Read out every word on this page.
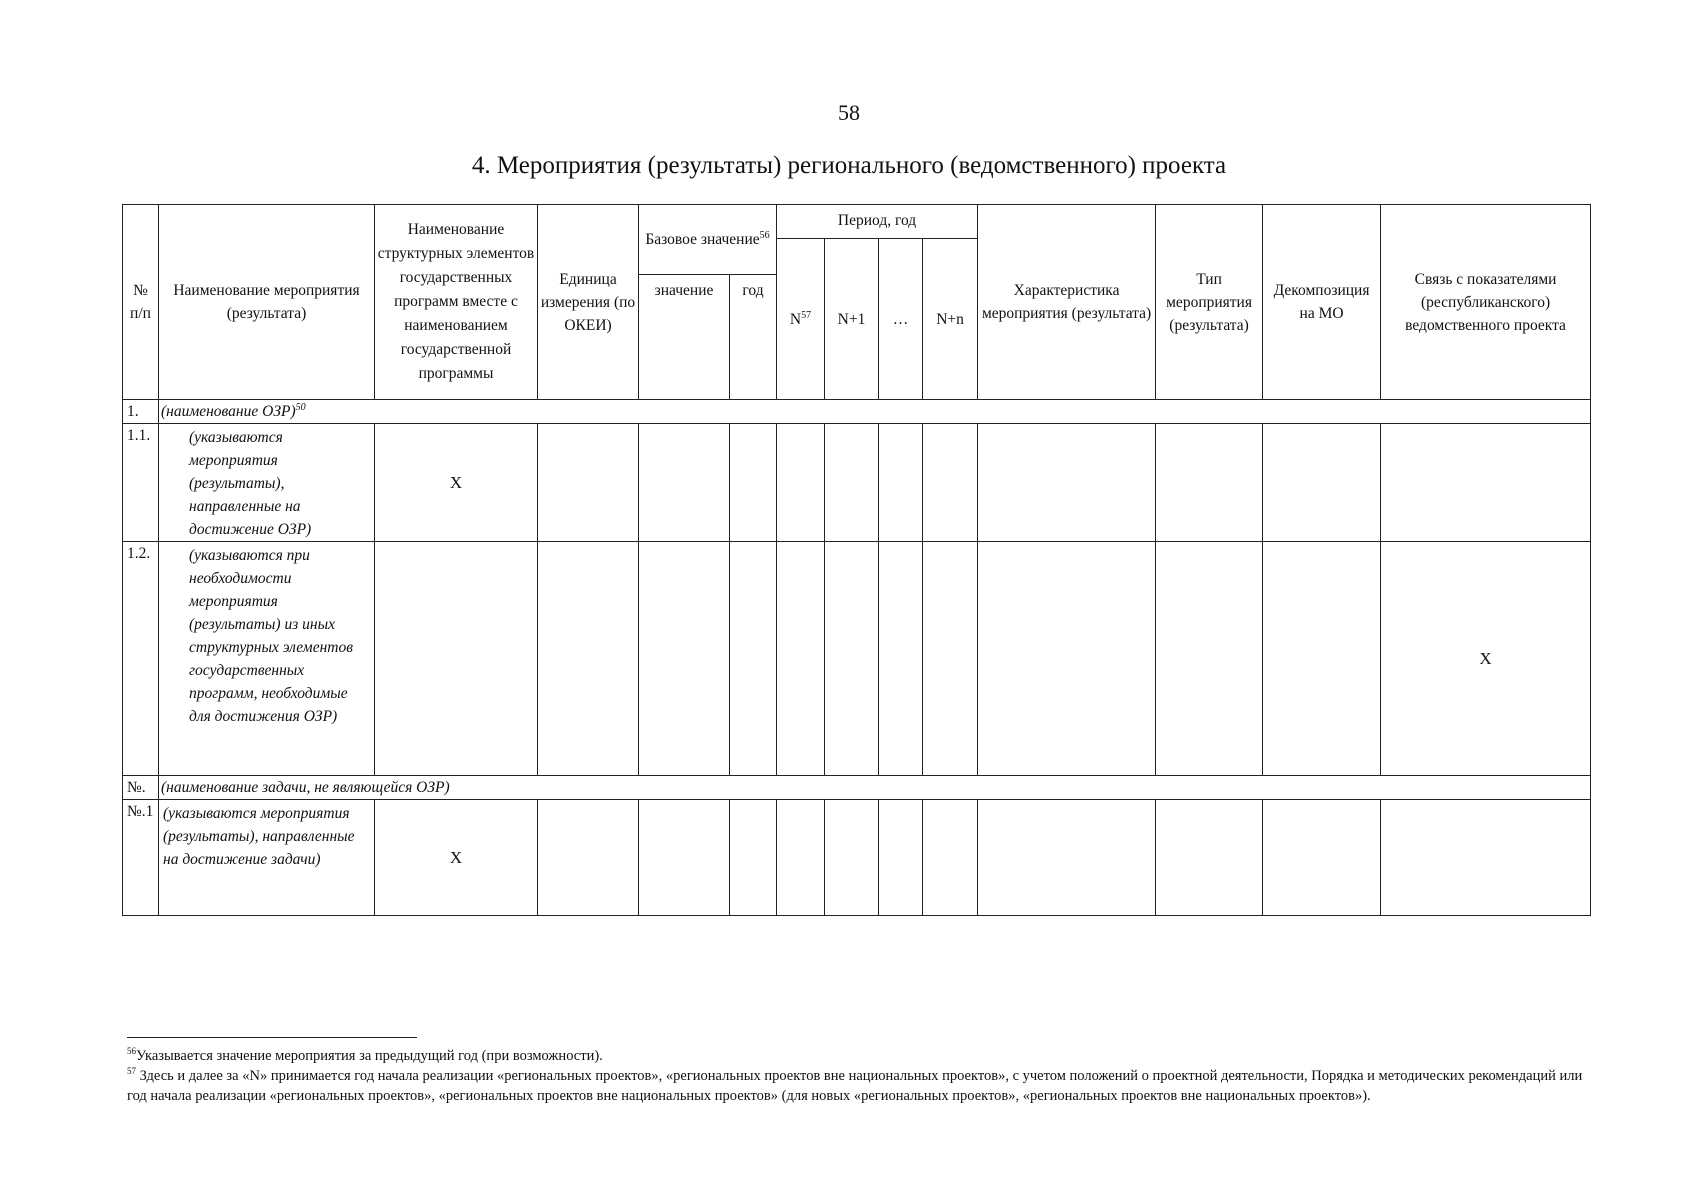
58
4. Мероприятия (результаты) регионального (ведомственного) проекта
№ п/п	Наименование мероприятия (результата)	Наименование структурных элементов государственных программ вместе с наименованием государственной программы	Единица измерения (по ОКЕИ)	Базовое значение$^{56}$		Период, год				Характеристика мероприятия (результата)	Тип мероприятия (результата)	Декомпозиция на МО	Связь с показателями (республиканского) ведомственного проекта
						$N^{57}$	N+1	…	N+n				
				значение	год								
1.	(наименование ОЗР)$^{50}$
1.1.	(указываются мероприятия (результаты), направленные на достижение ОЗР)	Х											
1.2.	(указываются при необходимости мероприятия (результаты) из иных структурных элементов государственных программ, необходимые для достижения ОЗР)												Х
№.	(наименование задачи, не являющейся ОЗР)												
№.1	(указываются мероприятия (результаты), направленные на достижение задачи)	Х											

$^{56}$Указывается значение мероприятия за предыдущий год (при возможности).

$^{57}$ Здесь и далее за «N» принимается год начала реализации «региональных проектов», «региональных проектов вне национальных проектов», с учетом положений о проектной деятельности, Порядка и методических рекомендаций или год начала реализации «региональных проектов», «региональных проектов вне национальных проектов» (для новых «региональных проектов», «региональных проектов вне национальных проектов»).
